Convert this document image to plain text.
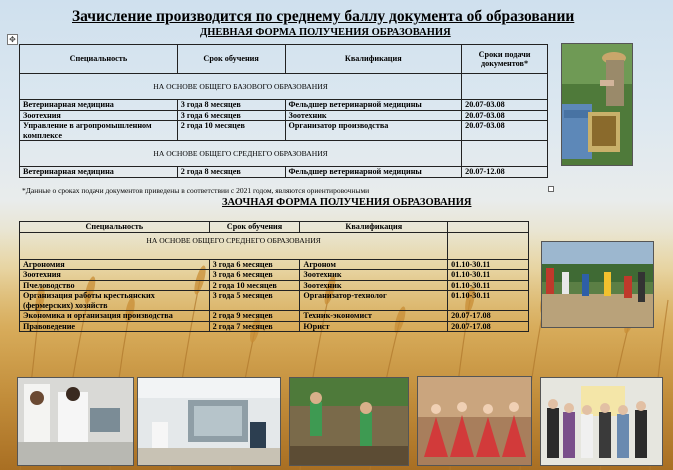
Зачисление производится по среднему баллу документа об образовании
ДНЕВНАЯ ФОРМА ПОЛУЧЕНИЯ ОБРАЗОВАНИЯ
✥
Специальность	Срок обучения	Квалификация	Сроки подачи документов*
НА ОСНОВЕ ОБЩЕГО БАЗОВОГО ОБРАЗОВАНИЯ			
Ветеринарная медицина	3 года 8 месяцев	Фельдшер ветеринарной медицины	20.07-03.08
Зоотехния	3 года 6 месяцев	Зоотехник	20.07-03.08
Управление в агропромышленном комплексе	2 года 10 месяцев	Организатор производства	20.07-03.08
НА ОСНОВЕ ОБЩЕГО СРЕДНЕГО ОБРАЗОВАНИЯ			
Ветеринарная медицина	2 года 8 месяцев	Фельдшер ветеринарной медицины	20.07-12.08
*Данные о сроках подачи документов приведены в соответствии с 2021 годом, являются ориентировочными
ЗАОЧНАЯ ФОРМА ПОЛУЧЕНИЯ ОБРАЗОВАНИЯ
Специальность	Срок обучения	Квалификация	
НА ОСНОВЕ ОБЩЕГО СРЕДНЕГО ОБРАЗОВАНИЯ			
Агрономия	3 года 6 месяцев	Агроном	01.10-30.11
Зоотехния	3 года 6 месяцев	Зоотехник	01.10-30.11
Пчеловодство	2 года 10 месяцев	Зоотехник	01.10-30.11
Организация работы крестьянских (фермерских) хозяйств	3 года 5 месяцев	Организатор-технолог	01.10-30.11
Экономика и организация производства	2 года 9 месяцев	Техник-экономист	20.07-17.08
Правоведение	2 года 7 месяцев	Юрист	20.07-17.08
